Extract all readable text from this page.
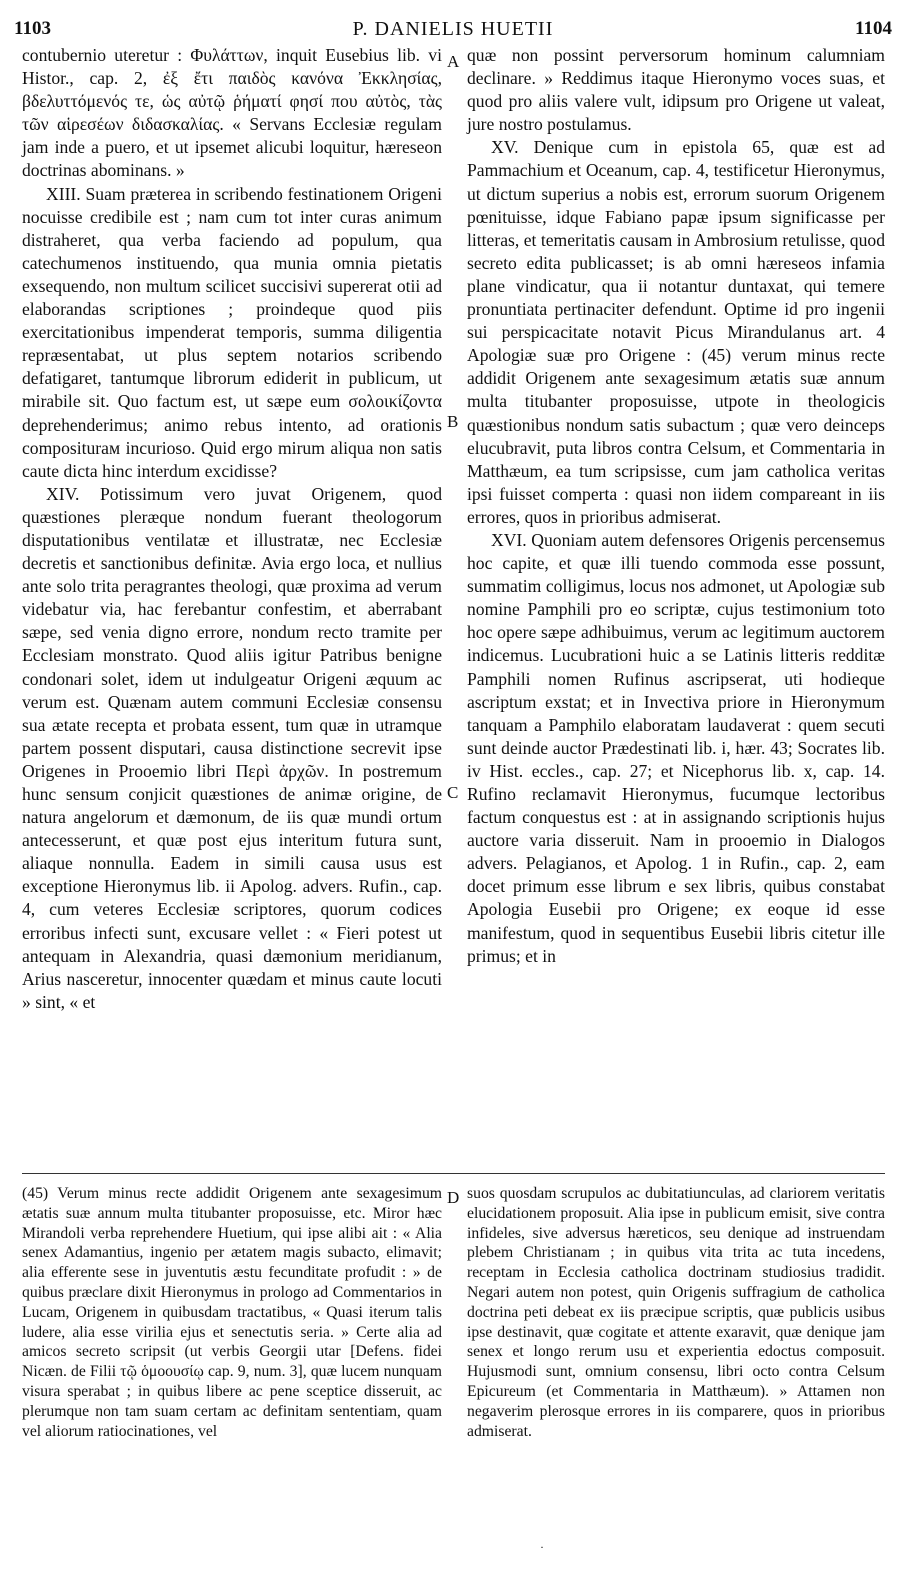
1103	P. DANIELIS HUETII	1104

contubernio uteretur : Φυλάττων, inquit Eusebius lib. vi Histor., cap. 2, ἐξ ἔτι παιδὸς κανόνα Ἐκκλησίας, βδελυττόμενός τε, ὡς αὐτῷ ῥήματί φησί που αὐτὸς, τὰς τῶν αἱρεσέων διδασκαλίας. « Servans Ecclesiæ regulam jam inde a puero, et ut ipsemet alicubi loquitur, hæreseon doctrinas abominans. »

XIII. Suam præterea in scribendo festinationem Origeni nocuisse credibile est ; nam cum tot inter curas animum distraheret, qua verba faciendo ad populum, qua catechumenos instituendo, qua munia omnia pietatis exsequendo, non multum scilicet succisivi supererat otii ad elaborandas scriptiones ; proindeque quod piis exercitationibus impenderat temporis, summa diligentia repræsentabat, ut plus septem notarios scribendo defatigaret, tantumque librorum ediderit in publicum, ut mirabile sit. Quo factum est, ut sæpe eum σολοικίζοντα deprehenderimus; animo rebus intento, ad orationis compositurам incurioso. Quid ergo mirum aliqua non satis caute dicta hinc interdum excidisse?

XIV. Potissimum vero juvat Origenem, quod quæstiones pleræque nondum fuerant theologorum disputationibus ventilatæ et illustratæ, nec Ecclesiæ decretis et sanctionibus definitæ. Avia ergo loca, et nullius ante solo trita peragrantes theologi, quæ proxima ad verum videbatur via, hac ferebantur confestim, et aberrabant sæpe, sed venia digno errore, nondum recto tramite per Ecclesiam monstrato. Quod aliis igitur Patribus benigne condonari solet, idem ut indulgeatur Origeni æquum ac verum est. Quænam autem communi Ecclesiæ consensu sua ætate recepta et probata essent, tum quæ in utramque partem possent disputari, causa distinctione secrevit ipse Origenes in Prooemio libri Περὶ ἀρχῶν. In postremum hunc sensum conjicit quæstiones de animæ origine, de natura angelorum et dæmonum, de iis quæ mundi ortum antecesserunt, et quæ post ejus interitum futura sunt, aliaque nonnulla. Eadem in simili causa usus est exceptione Hieronymus lib. ii Apolog. advers. Rufin., cap. 4, cum veteres Ecclesiæ scriptores, quorum codices erroribus infecti sunt, excusare vellet : « Fieri potest ut antequam in Alexandria, quasi dæmonium meridianum, Arius nasceretur, innocenter quædam et minus caute locuti » sint, « et

quæ non possint perversorum hominum calumniam declinare. » Reddimus itaque Hieronymo voces suas, et quod pro aliis valere vult, idipsum pro Origene ut valeat, jure nostro postulamus.

XV. Denique cum in epistola 65, quæ est ad Pammachium et Oceanum, cap. 4, testificetur Hieronymus, ut dictum superius a nobis est, errorum suorum Origenem pœnituisse, idque Fabiano papæ ipsum significasse per litteras, et temeritatis causam in Ambrosium retulisse, quod secreto edita publicasset; is ab omni hæreseos infamia plane vindicatur, qua ii notantur duntaxat, qui temere pronuntiata pertinaciter defendunt. Optime id pro ingenii sui perspicacitate notavit Picus Mirandulanus art. 4 Apologiæ suæ pro Origene : (45) verum minus recte addidit Origenem ante sexagesimum ætatis suæ annum multa titubanter proposuisse, utpote in theologicis quæstionibus nondum satis subactum ; quæ vero deinceps elucubravit, puta libros contra Celsum, et Commentaria in Matthæum, ea tum scripsisse, cum jam catholica veritas ipsi fuisset comperta : quasi non iidem compareant in iis errores, quos in prioribus admiserat.

XVI. Quoniam autem defensores Origenis percensemus hoc capite, et quæ illi tuendo commoda esse possunt, summatim colligimus, locus nos admonet, ut Apologiæ sub nomine Pamphili pro eo scriptæ, cujus testimonium toto hoc opere sæpe adhibuimus, verum ac legitimum auctorem indicemus. Lucubrationi huic a se Latinis litteris redditæ Pamphili nomen Rufinus ascripserat, uti hodieque ascriptum exstat; et in Invectiva priore in Hieronymum tanquam a Pamphilo elaboratam laudaverat : quem secuti sunt deinde auctor Prædestinati lib. i, hær. 43; Socrates lib. iv Hist. eccles., cap. 27; et Nicephorus lib. x, cap. 14. Rufino reclamavit Hieronymus, fucumque lectoribus factum conquestus est : at in assignando scriptionis hujus auctore varia disseruit. Nam in prooemio in Dialogos advers. Pelagianos, et Apolog. 1 in Rufin., cap. 2, eam docet primum esse librum e sex libris, quibus constabat Apologia Eusebii pro Origene; ex eoque id esse manifestum, quod in sequentibus Eusebii libris citetur ille primus; et in

A
B
C
D

(45) Verum minus recte addidit Origenem ante sexagesimum ætatis suæ annum multa titubanter proposuisse, etc. Miror hæc Mirandoli verba reprehendere Huetium, qui ipse alibi ait : « Alia senex Adamantius, ingenio per ætatem magis subacto, elimavit; alia efferente sese in juventutis æstu fecunditate profudit : » de quibus præclare dixit Hieronymus in prologo ad Commentarios in Lucam, Origenem in quibusdam tractatibus, « Quasi iterum talis ludere, alia esse virilia ejus et senectutis seria. » Certe alia ad amicos secreto scripsit (ut verbis Georgii utar [Defens. fidei Nicæn. de Filii τῷ ὁμοουσίῳ cap. 9, num. 3], quæ lucem nunquam visura sperabat ; in quibus libere ac pene sceptice disseruit, ac plerumque non tam suam certam ac definitam sententiam, quam vel aliorum ratiocinationes, vel

suos quosdam scrupulos ac dubitatiunculas, ad clariorem veritatis elucidationem proposuit. Alia ipse in publicum emisit, sive contra infideles, sive adversus hæreticos, seu denique ad instruendam plebem Christianam ; in quibus vita trita ac tuta incedens, receptam in Ecclesia catholica doctrinam studiosius tradidit. Negari autem non potest, quin Origenis suffragium de catholica doctrina peti debeat ex iis præcipue scriptis, quæ publicis usibus ipse destinavit, quæ cogitate et attente exaravit, quæ denique jam senex et longo rerum usu et experientia edoctus composuit. Hujusmodi sunt, omnium consensu, libri octo contra Celsum Epicureum (et Commentaria in Matthæum). » Attamen non negaverim plerosque errores in iis comparere, quos in prioribus admiserat.

·
